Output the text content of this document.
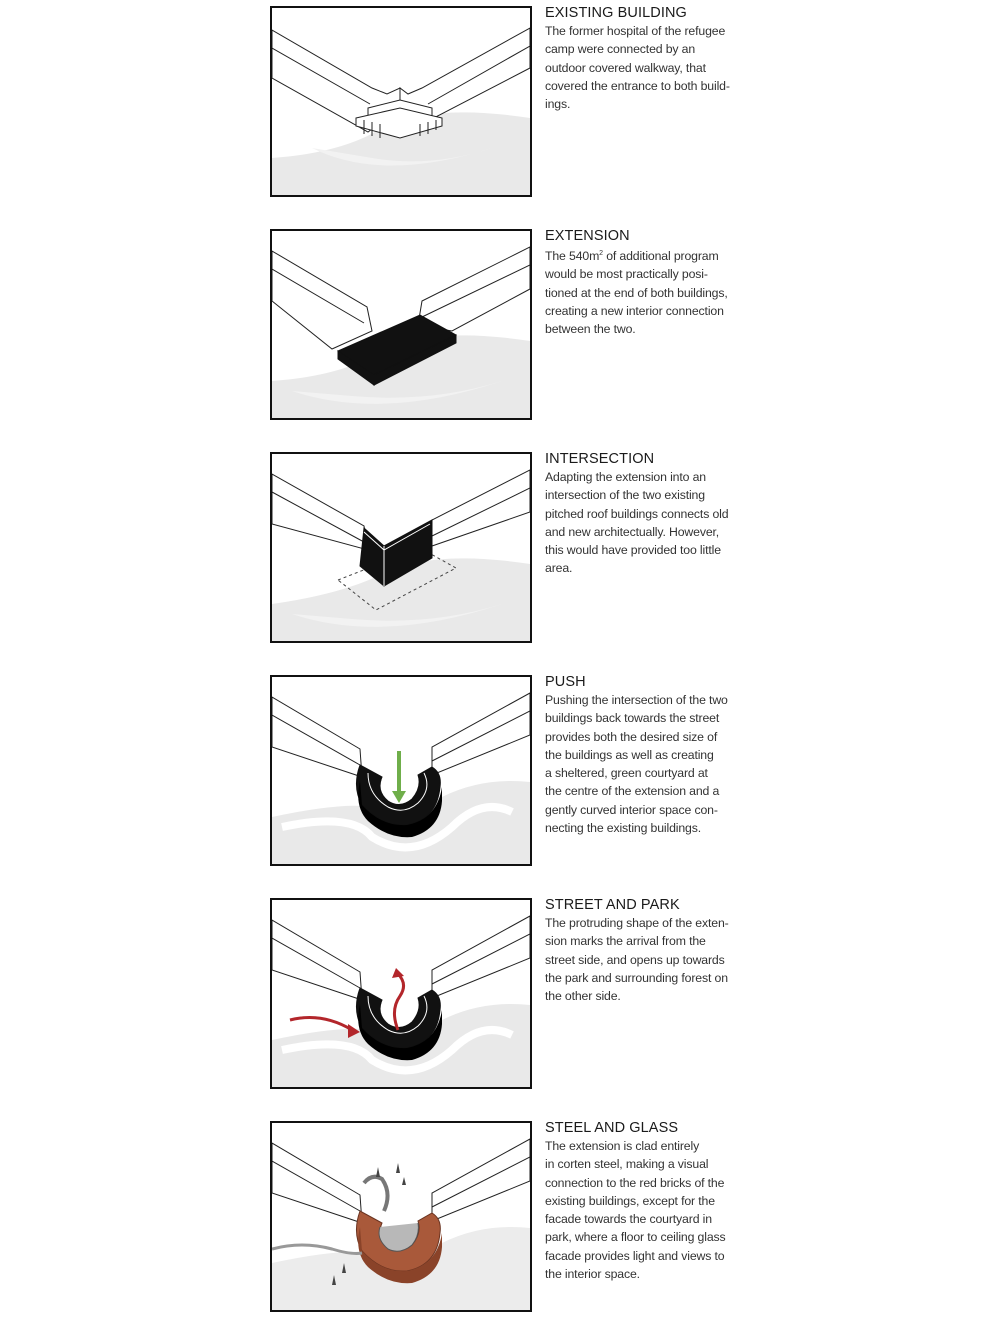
EXISTING BUILDING
The former hospital of the refugee
camp were connected by an
outdoor covered walkway, that
covered the entrance to both build-
ings.
EXTENSION
The $540m^2$ of additional program
would be most practically posi-
tioned at the end of both buildings,
creating a new interior connection
between the two.
INTERSECTION
Adapting the extension into an
intersection of the two existing
pitched roof buildings connects old
and new architectually. However,
this would have provided too little
area.
PUSH
Pushing the intersection of the two
buildings back towards the street
provides both the desired size of
the buildings as well as creating
a sheltered, green courtyard at
the centre of the extension and a
gently curved interior space con-
necting the existing buildings.
STREET AND PARK
The protruding shape of the exten-
sion marks the arrival from the
street side, and opens up towards
the park and surrounding forest on
the other side.
STEEL AND GLASS
The extension is clad entirely
in corten steel, making a visual
connection to the red bricks of the
existing buildings, except for the
facade towards the courtyard in
park, where a floor to ceiling glass
facade provides light and views to
the interior space.
